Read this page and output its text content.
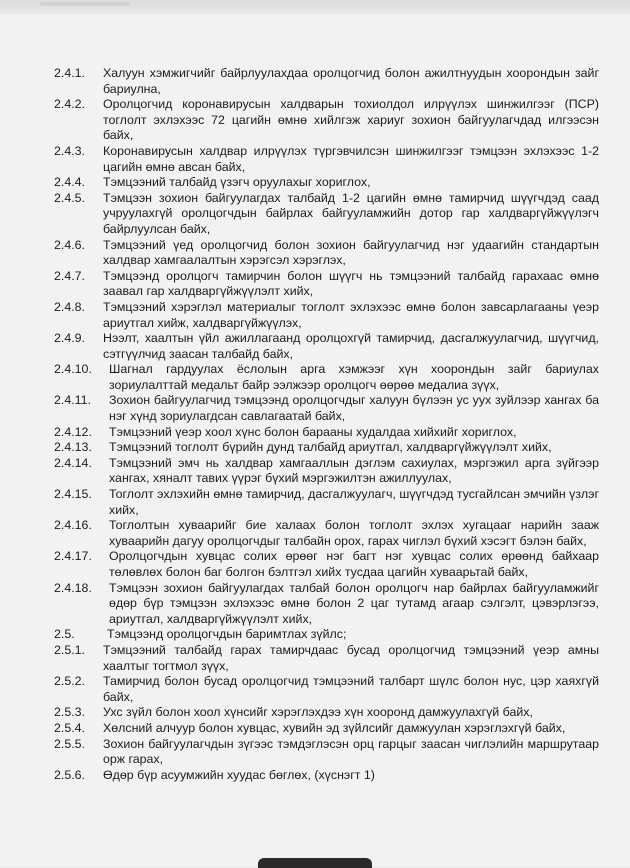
2.4.1.	Халуун хэмжигчийг байрлуулахдаа оролцогчид болон ажилтнуудын хоорондын зайг бариулна,
2.4.2.	Оролцогчид коронавирусын халдварын тохиолдол илрүүлэх шинжилгээг (ПСР) тоглолт эхлэхээс 72 цагийн өмнө хийлгэж хариуг зохион байгуулагчдад илгээсэн байх,
2.4.3.	Коронавирусын халдвар илрүүлэх түргэвчилсэн шинжилгээг тэмцээн эхлэхээс 1-2 цагийн өмнө авсан байх,
2.4.4.	Тэмцээний талбайд үзэгч оруулахыг хориглох,
2.4.5.	Тэмцээн зохион байгуулагдах талбайд 1-2 цагийн өмнө тамирчид шүүгчдэд саад учруулахгүй оролцогчдын байрлах байгууламжийн дотор гар халдваргүйжүүлэгч байрлуулсан байх,
2.4.6.	Тэмцээний үед оролцогчид болон зохион байгуулагчид нэг удаагийн стандартын халдвар хамгаалалтын хэрэгсэл хэрэглэх,
2.4.7.	Тэмцээнд оролцогч тамирчин болон шүүгч нь тэмцээний талбайд гарахаас өмнө заавал гар халдваргүйжүүлэлт хийх,
2.4.8.	Тэмцээний хэрэглэл материалыг тоглолт эхлэхээс өмнө болон завсарлагааны үеэр ариутгал хийж, халдваргүйжүүлэх,
2.4.9.	Нээлт, хаалтын үйл ажиллагаанд оролцохгүй тамирчид, дасгалжуулагчид, шүүгчид, сэтгүүлчид заасан талбайд байх,
2.4.10.	Шагнал гардуулах ёслолын арга хэмжээг хүн хоорондын зайг бариулах зориулалттай медальт байр ээлжээр оролцогч өөрөө медалиа зүүх,
2.4.11.	Зохион байгуулагчид тэмцээнд оролцогчдыг халуун бүлээн ус уух зуйлээр хангах ба нэг хүнд зориулагдсан савлагаатай байх,
2.4.12.	Тэмцээний үеэр хоол хүнс болон барааны худалдаа хийхийг хориглох,
2.4.13.	Тэмцээний тоглолт бүрийн дунд талбайд ариутгал, халдваргүйжүүлэлт хийх,
2.4.14.	Тэмцээний эмч нь халдвар хамгааллын дэглэм сахиулах, мэргэжил арга зүйгээр хангах, хяналт тавих үүрэг бүхий мэргэжилтэн ажиллуулах,
2.4.15.	Тоглолт эхлэхийн өмнө тамирчид, дасгалжуулагч, шүүгчдэд тусгайлсан эмчийн үзлэг хийх,
2.4.16.	Тоглолтын хуваарийг бие халаах болон тоглолт эхлэх хугацааг нарийн зааж хуваарийн дагуу оролцогчдыг талбайн орох, гарах чиглэл бүхий хэсэгт бэлэн байх,
2.4.17.	Оролцогчдын хувцас солих өрөөг нэг багт нэг хувцас солих өрөөнд байхаар төлөвлөх болон баг болгон бэлтгэл хийх тусдаа цагийн хуваарьтай байх,
2.4.18.	Тэмцээн зохион байгуулагдах талбай болон оролцогч нар байрлах байгууламжийг өдөр бүр тэмцээн эхлэхээс өмнө болон 2 цаг тутамд агаар сэлгэлт, цэвэрлэгээ, ариутгал, халдваргүйжүүлэлт хийх,
2.5.	Тэмцээнд оролцогчдын баримтлах зүйлс;
2.5.1.	Тэмцээний талбайд гарах тамирчдаас бусад оролцогчид тэмцээний үеэр амны хаалтыг тогтмол зүүх,
2.5.2.	Тамирчид болон бусад оролцогчид тэмцээний талбарт шүлс болон нус, цэр хаяхгүй байх,
2.5.3.	Ухс зүйл болон хоол хүнсийг хэрэглэхдээ хүн хооронд дамжуулахгүй байх,
2.5.4.	Хөлсний алчуур болон хувцас, хувийн эд зүйлсийг дамжуулан хэрэглэхгүй байх,
2.5.5.	Зохион байгуулагчдын зүгээс тэмдэглэсэн орц гарцыг заасан чиглэлийн маршрутаар орж гарах,
2.5.6.	Өдөр бүр асуумжийн хуудас бөглөх, (хүснэгт 1)
